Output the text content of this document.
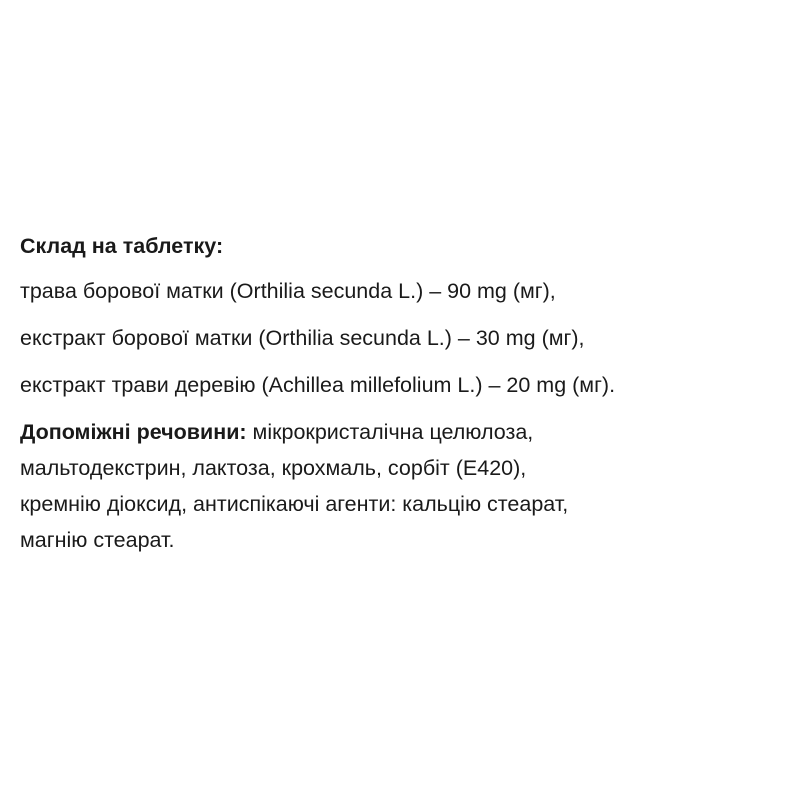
Склад на таблетку:
трава борової матки (Orthilia secunda L.) – 90 mg (мг),
екстракт борової матки (Orthilia secunda L.) – 30 mg (мг),
екстракт трави деревію (Achillea millefolium L.) – 20 mg (мг).
Допоміжні речовини: мікрокристалічна целюлоза,
мальтодекстрин, лактоза, крохмаль, сорбіт (Е420),
кремнію діоксид, антиспікаючі агенти: кальцію стеарат,
магнію стеарат.
